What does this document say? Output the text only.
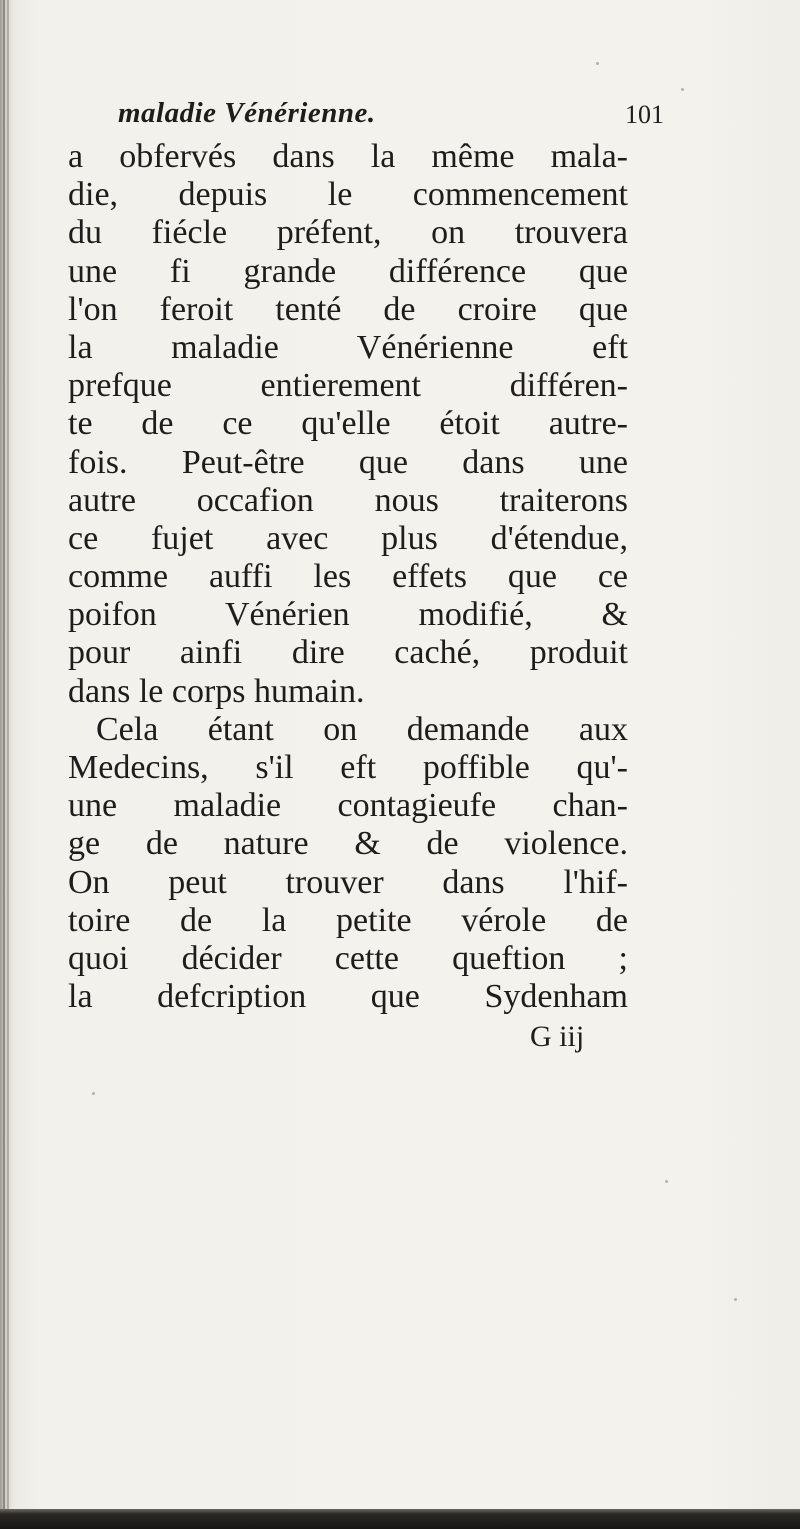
maladie Vénérienne.	101
a obfervés dans la même mala-
die, depuis le commencement
du fiécle préfent, on trouvera
une fi grande différence que
l'on feroit tenté de croire que
la maladie Vénérienne eft
prefque entierement différen-
te de ce qu'elle étoit autre-
fois. Peut-être que dans une
autre occafion nous traiterons
ce fujet avec plus d'étendue,
comme auffi les effets que ce
poifon Vénérien modifié, &
pour ainfi dire caché, produit
dans le corps humain.
Cela étant on demande aux
Medecins, s'il eft poffible qu'-
une maladie contagieufe chan-
ge de nature & de violence.
On peut trouver dans l'hif-
toire de la petite vérole de
quoi décider cette queftion ;
la defcription que Sydenham
G iij
